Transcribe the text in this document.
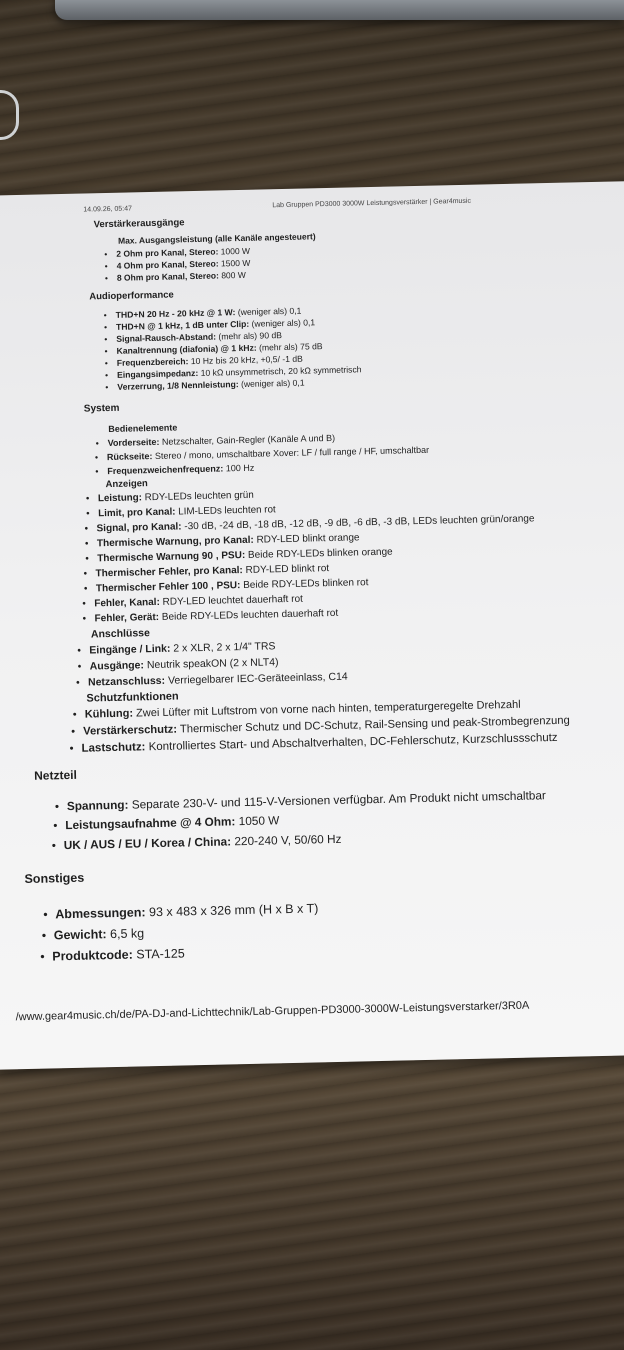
14.09.26, 05:47
Lab Gruppen PD3000 3000W Leistungsverstärker | Gear4music
Verstärkerausgänge
Max. Ausgangsleistung (alle Kanäle angesteuert)
• 2 Ohm pro Kanal, Stereo: 1000 W
• 4 Ohm pro Kanal, Stereo: 1500 W
• 8 Ohm pro Kanal, Stereo: 800 W
Audioperformance
• THD+N 20 Hz - 20 kHz @ 1 W: (weniger als) 0,1
• THD+N @ 1 kHz, 1 dB unter Clip: (weniger als) 0,1
• Signal-Rausch-Abstand: (mehr als) 90 dB
• Kanaltrennung (diafonia) @ 1 kHz: (mehr als) 75 dB
• Frequenzbereich: 10 Hz bis 20 kHz, +0,5/ -1 dB
• Eingangsimpedanz: 10 kΩ unsymmetrisch, 20 kΩ symmetrisch
• Verzerrung, 1/8 Nennleistung: (weniger als) 0,1
System
Bedienelemente
• Vorderseite: Netzschalter, Gain-Regler (Kanäle A und B)
• Rückseite: Stereo / mono, umschaltbare Xover: LF / full range / HF, umschaltbar
• Frequenzweichenfrequenz: 100 Hz
Anzeigen
• Leistung: RDY-LEDs leuchten grün
• Limit, pro Kanal: LIM-LEDs leuchten rot
• Signal, pro Kanal: -30 dB, -24 dB, -18 dB, -12 dB, -9 dB, -6 dB, -3 dB, LEDs leuchten grün/orange
• Thermische Warnung, pro Kanal: RDY-LED blinkt orange
• Thermische Warnung 90 , PSU: Beide RDY-LEDs blinken orange
• Thermischer Fehler, pro Kanal: RDY-LED blinkt rot
• Thermischer Fehler 100 , PSU: Beide RDY-LEDs blinken rot
• Fehler, Kanal: RDY-LED leuchtet dauerhaft rot
• Fehler, Gerät: Beide RDY-LEDs leuchten dauerhaft rot
Anschlüsse
• Eingänge / Link: 2 x XLR, 2 x 1/4" TRS
• Ausgänge: Neutrik speakON (2 x NLT4)
• Netzanschluss: Verriegelbarer IEC-Geräteeinlass, C14
Schutzfunktionen
• Kühlung: Zwei Lüfter mit Luftstrom von vorne nach hinten, temperaturgeregelte Drehzahl
• Verstärkerschutz: Thermischer Schutz und DC-Schutz, Rail-Sensing und peak-Strombegrenzung
• Lastschutz: Kontrolliertes Start- und Abschaltverhalten, DC-Fehlerschutz, Kurzschlussschutz
Netzteil
• Spannung: Separate 230-V- und 115-V-Versionen verfügbar. Am Produkt nicht umschaltbar
• Leistungsaufnahme @ 4 Ohm: 1050 W
• UK / AUS / EU / Korea / China: 220-240 V, 50/60 Hz
Sonstiges
• Abmessungen: 93 x 483 x 326 mm (H x B x T)
• Gewicht: 6,5 kg
• Produktcode: STA-125
/www.gear4music.ch/de/PA-DJ-and-Lichttechnik/Lab-Gruppen-PD3000-3000W-Leistungsverstarker/3R0A
